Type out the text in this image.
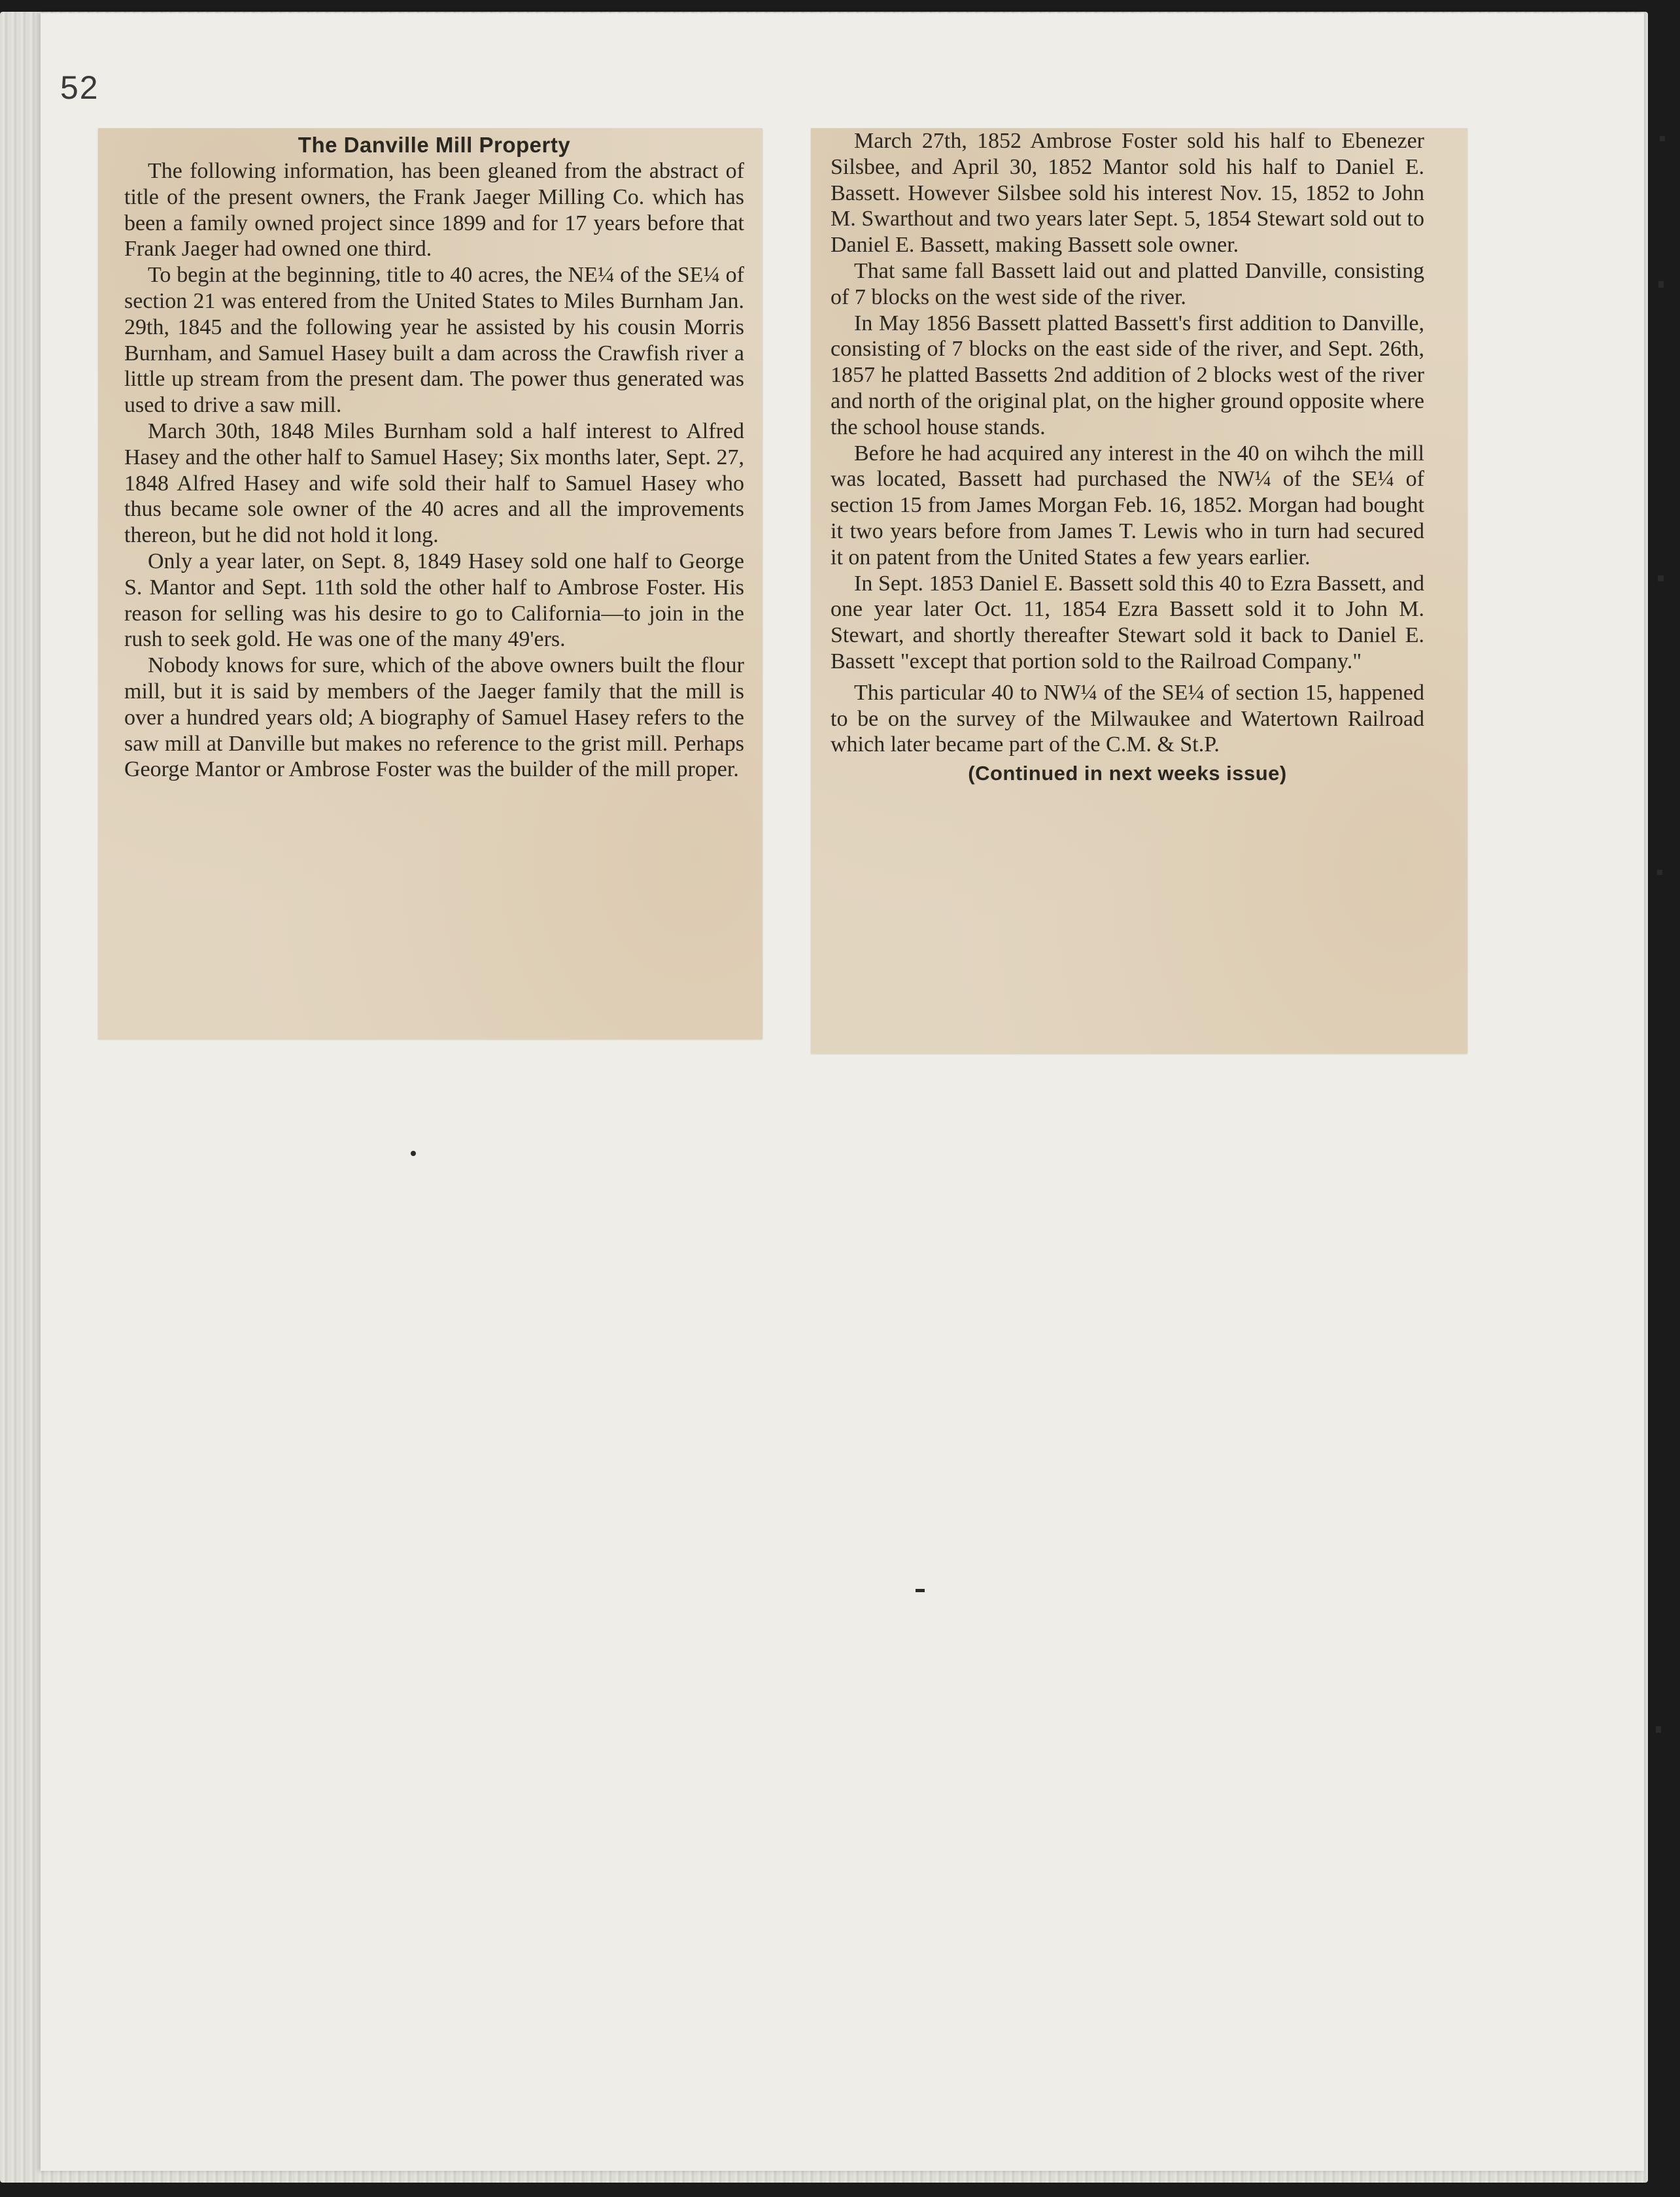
52

The Danville Mill Property

The following information, has been gleaned from the abstract of title of the present owners, the Frank Jaeger Milling Co. which has been a family owned project since 1899 and for 17 years before that Frank Jaeger had owned one third.

To begin at the beginning, title to 40 acres, the NE¼ of the SE¼ of section 21 was entered from the United States to Miles Burnham Jan. 29th, 1845 and the following year he assisted by his cousin Morris Burnham, and Samuel Hasey built a dam across the Crawfish river a little up stream from the present dam. The power thus generated was used to drive a saw mill.

March 30th, 1848 Miles Burnham sold a half interest to Alfred Hasey and the other half to Samuel Hasey; Six months later, Sept. 27, 1848 Alfred Hasey and wife sold their half to Samuel Hasey who thus became sole owner of the 40 acres and all the improvements thereon, but he did not hold it long.

Only a year later, on Sept. 8, 1849 Hasey sold one half to George S. Mantor and Sept. 11th sold the other half to Ambrose Foster. His reason for selling was his desire to go to California—to join in the rush to seek gold. He was one of the many 49'ers.

Nobody knows for sure, which of the above owners built the flour mill, but it is said by members of the Jaeger family that the mill is over a hundred years old; A biography of Samuel Hasey refers to the saw mill at Danville but makes no reference to the grist mill. Perhaps George Mantor or Ambrose Foster was the builder of the mill proper.

March 27th, 1852 Ambrose Foster sold his half to Ebenezer Silsbee, and April 30, 1852 Mantor sold his half to Daniel E. Bassett. However Silsbee sold his interest Nov. 15, 1852 to John M. Swarthout and two years later Sept. 5, 1854 Stewart sold out to Daniel E. Bassett, making Bassett sole owner.

That same fall Bassett laid out and platted Danville, consisting of 7 blocks on the west side of the river.

In May 1856 Bassett platted Bassett's first addition to Danville, consisting of 7 blocks on the east side of the river, and Sept. 26th, 1857 he platted Bassetts 2nd addition of 2 blocks west of the river and north of the original plat, on the higher ground opposite where the school house stands.

Before he had acquired any interest in the 40 on wihch the mill was located, Bassett had purchased the NW¼ of the SE¼ of section 15 from James Morgan Feb. 16, 1852. Morgan had bought it two years before from James T. Lewis who in turn had secured it on patent from the United States a few years earlier.

In Sept. 1853 Daniel E. Bassett sold this 40 to Ezra Bassett, and one year later Oct. 11, 1854 Ezra Bassett sold it to John M. Stewart, and shortly thereafter Stewart sold it back to Daniel E. Bassett "except that portion sold to the Railroad Company."

This particular 40 to NW¼ of the SE¼ of section 15, happened to be on the survey of the Milwaukee and Watertown Railroad which later became part of the C.M. & St.P.

(Continued in next weeks issue)
